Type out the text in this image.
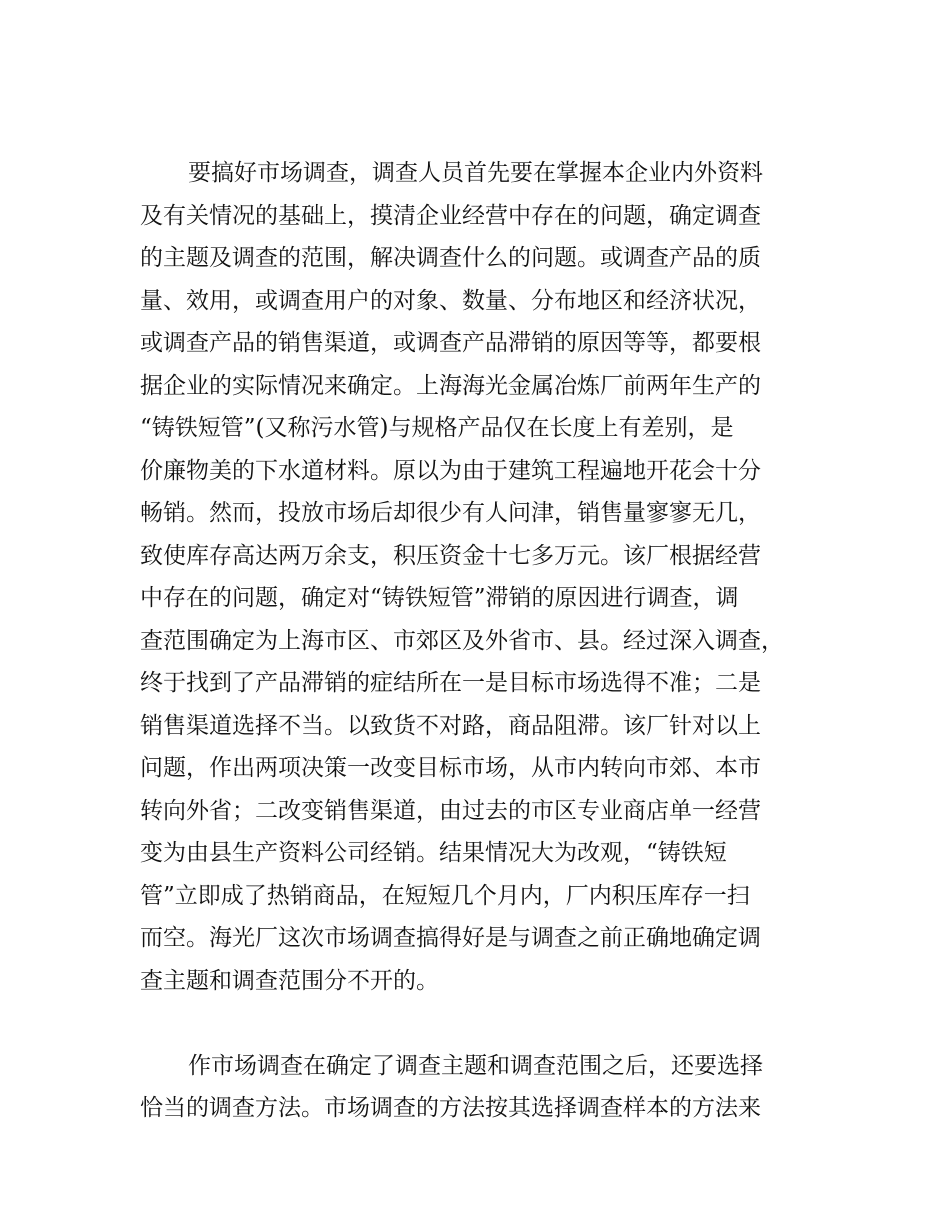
要搞好市场调查，调查人员首先要在掌握本企业内外资料
及有关情况的基础上，摸清企业经营中存在的问题，确定调查
的主题及调查的范围，解决调查什么的问题。或调查产品的质
量、效用，或调查用户的对象、数量、分布地区和经济状况，
或调查产品的销售渠道，或调查产品滞销的原因等等，都要根
据企业的实际情况来确定。上海海光金属冶炼厂前两年生产的
“铸铁短管”(又称污水管)与规格产品仅在长度上有差别，是
价廉物美的下水道材料。原以为由于建筑工程遍地开花会十分
畅销。然而，投放市场后却很少有人问津，销售量寥寥无几，
致使库存高达两万余支，积压资金十七多万元。该厂根据经营
中存在的问题，确定对“铸铁短管”滞销的原因进行调查，调
查范围确定为上海市区、市郊区及外省市、县。经过深入调查，
终于找到了产品滞销的症结所在一是目标市场选得不准；二是
销售渠道选择不当。以致货不对路，商品阻滞。该厂针对以上
问题，作出两项决策一改变目标市场，从市内转向市郊、本市
转向外省；二改变销售渠道，由过去的市区专业商店单一经营
变为由县生产资料公司经销。结果情况大为改观，“铸铁短
管”立即成了热销商品，在短短几个月内，厂内积压库存一扫
而空。海光厂这次市场调查搞得好是与调查之前正确地确定调
查主题和调查范围分不开的。
作市场调查在确定了调查主题和调查范围之后，还要选择
恰当的调查方法。市场调查的方法按其选择调查样本的方法来
